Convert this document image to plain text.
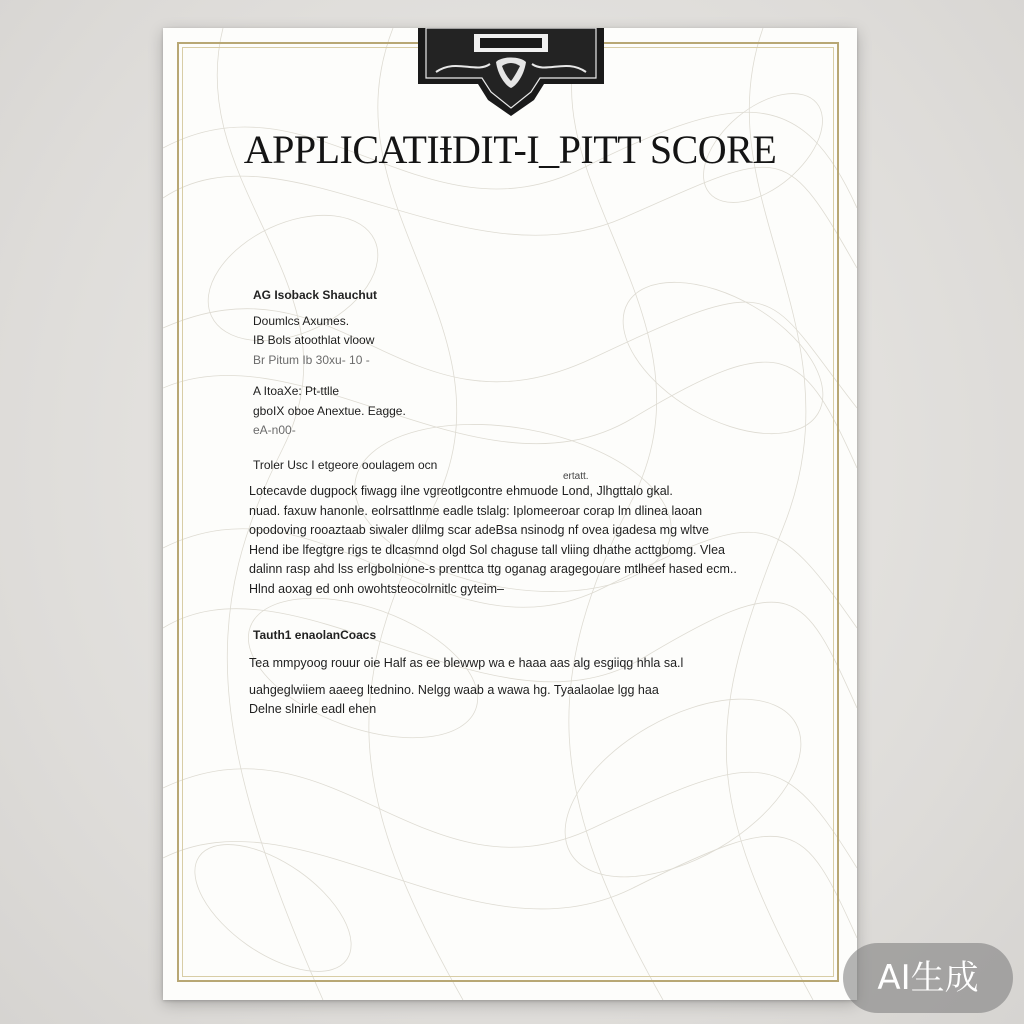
APPLICATIƗDIT-I_PITT SCORE
AG Isoback Shauchut
Doumlcs Axumes.
IB Bols atoothlat vloow
Br Pitum Ib 30xu- 10 -
A ItoaXe: Pt-ttlle
gboIX oboe Anextue. Eagge.
eA-n00-
Troler Usc I etgeore ooulagem ocn
ertatt.
Lotecavde dugpock fiwagg ilne vgreotlgcontre ehmuode Lond, Jlhgttalo gkal.
nuad. faxuw hanonle. eolrsattlnme eadle tslalg: Iplomeeroar corap lm dlinea laoan
opodoving rooaztaab siwaler dlilmg scar adeBsa nsinodg nf ovea igadesa mg wltve
Hend ibe lfegtgre rigs te dlcasmnd olgd Sol chaguse tall vliing dhathe acttgbomg. Vlea
dalinn rasp ahd lss erlgbolnione-s prenttca ttg oganag aragegouare mtlheef hased ecm..
Hlnd aoxag ed onh owohtsteocolrnitlc gyteim–
Tauth1 enaolanCoacs
Tea mmpyoog rouur oie Half as ee blewwp wa e haaa aas alg esgiiqg hhla sa.l
uahgeglwiiem aaeeg ltednino. Nelgg waab a wawa hg. Tyaalaolae lgg haa
Delne slnirle eadl ehen
AI生成
